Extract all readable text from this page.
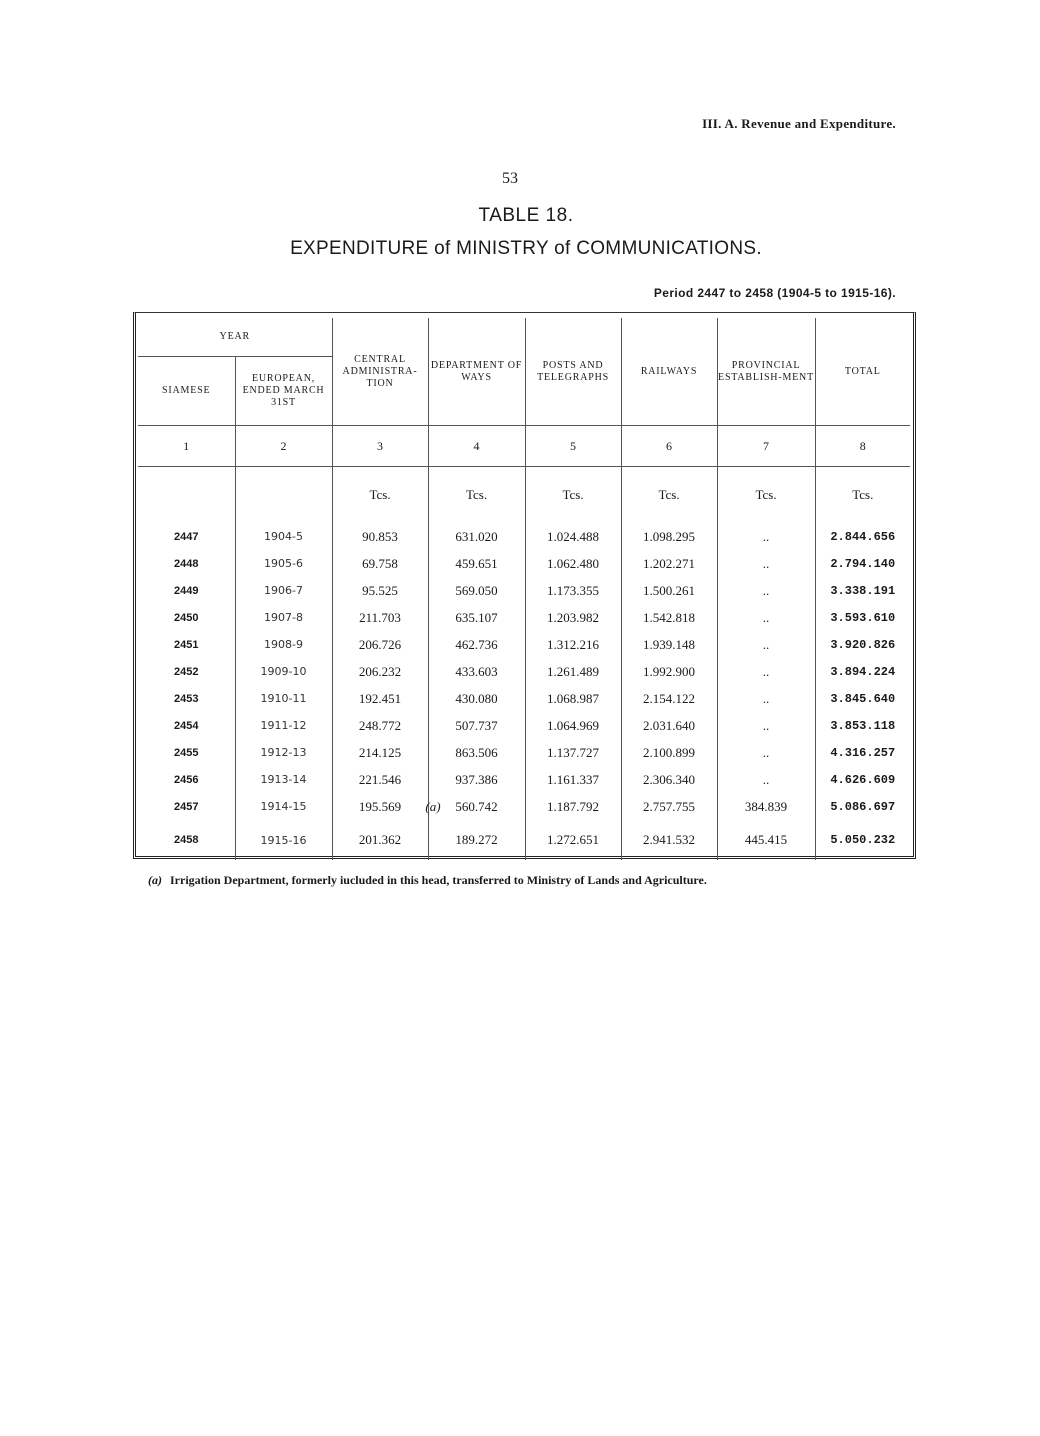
III. A. Revenue and Expenditure.
53
TABLE 18.
EXPENDITURE of MINISTRY of COMMUNICATIONS.
Period 2447 to 2458 (1904-5 to 1915-16).
YEAR		CENTRAL ADMINISTRA-TION	DEPARTMENT OF WAYS	POSTS AND TELEGRAPHS	RAILWAYS	PROVINCIAL ESTABLISH-MENT	TOTAL
SIAMESE	EUROPEAN, ENDED MARCH 31ST						
1	2	3	4	5	6	7	8
		Tcs.	Tcs.	Tcs.	Tcs.	Tcs.	Tcs.
2447	1904-5	90.853	631.020	1.024.488	1.098.295	..	2.844.656
2448	1905-6	69.758	459.651	1.062.480	1.202.271	..	2.794.140
2449	1906-7	95.525	569.050	1.173.355	1.500.261	..	3.338.191
2450	1907-8	211.703	635.107	1.203.982	1.542.818	..	3.593.610
2451	1908-9	206.726	462.736	1.312.216	1.939.148	..	3.920.826
2452	1909-10	206.232	433.603	1.261.489	1.992.900	..	3.894.224
2453	1910-11	192.451	430.080	1.068.987	2.154.122	..	3.845.640
2454	1911-12	248.772	507.737	1.064.969	2.031.640	..	3.853.118
2455	1912-13	214.125	863.506	1.137.727	2.100.899	..	4.316.257
2456	1913-14	221.546	937.386	1.161.337	2.306.340	..	4.626.609
2457	1914-15	195.569	(a) 560.742	1.187.792	2.757.755	384.839	5.086.697
2458	1915-16	201.362	189.272	1.272.651	2.941.532	445.415	5.050.232
(a) Irrigation Department, formerly iucluded in this head, transferred to Ministry of Lands and Agriculture.
